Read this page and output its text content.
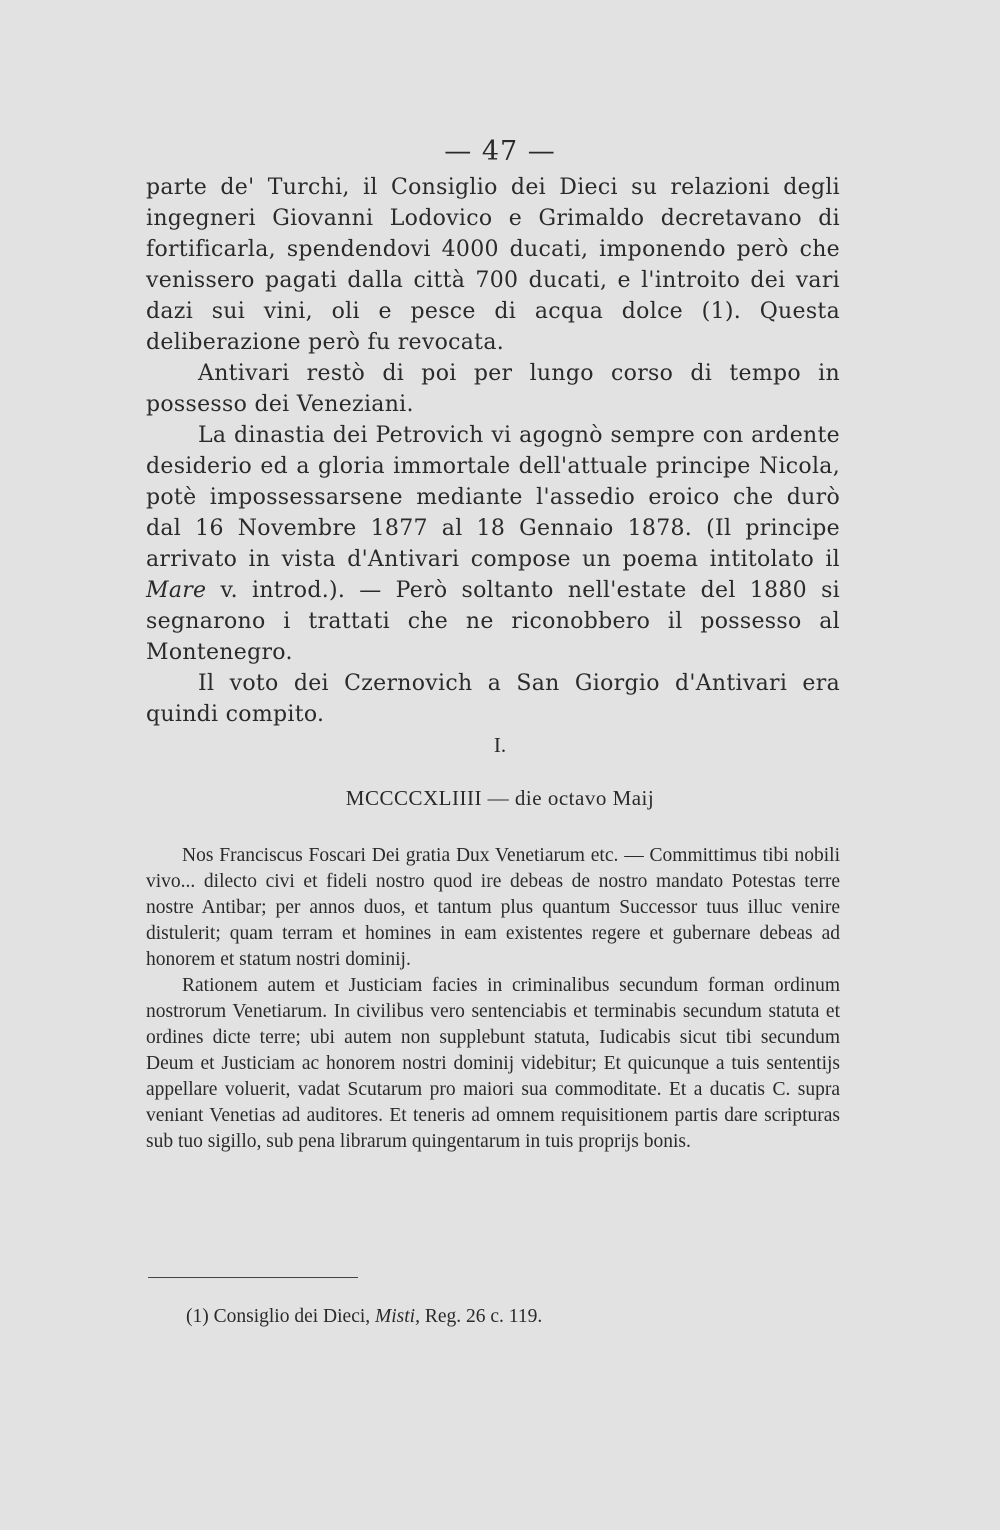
— 47 —

parte de' Turchi, il Consiglio dei Dieci su relazioni degli ingegneri Giovanni Lodovico e Grimaldo decretavano di fortificarla, spendendovi 4000 ducati, imponendo però che venissero pagati dalla città 700 ducati, e l'introito dei vari dazi sui vini, oli e pesce di acqua dolce (1). Questa deliberazione però fu revocata.

Antivari restò di poi per lungo corso di tempo in possesso dei Veneziani.

La dinastia dei Petrovich vi agognò sempre con ardente desiderio ed a gloria immortale dell'attuale principe Nicola, potè impossessarsene mediante l'assedio eroico che durò dal 16 Novembre 1877 al 18 Gennaio 1878. (Il principe arrivato in vista d'Antivari compose un poema intitolato il Mare v. introd.). — Però soltanto nell'estate del 1880 si segnarono i trattati che ne riconobbero il possesso al Montenegro.

Il voto dei Czernovich a San Giorgio d'Antivari era quindi compito.

I.
MCCCCXLIIII — die octavo Maij

Nos Franciscus Foscari Dei gratia Dux Venetiarum etc. — Committimus tibi nobili vivo... dilecto civi et fideli nostro quod ire debeas de nostro mandato Potestas terre nostre Antibar; per annos duos, et tantum plus quantum Successor tuus illuc venire distulerit; quam terram et homines in eam existentes regere et gubernare debeas ad honorem et statum nostri dominij.

Rationem autem et Justiciam facies in criminalibus secundum forman ordinum nostrorum Venetiarum. In civilibus vero sentenciabis et terminabis secundum statuta et ordines dicte terre; ubi autem non supplebunt statuta, Iudicabis sicut tibi secundum Deum et Justiciam ac honorem nostri dominij videbitur; Et quicunque a tuis sententijs appellare voluerit, vadat Scutarum pro maiori sua commoditate. Et a ducatis C. supra veniant Venetias ad auditores. Et teneris ad omnem requisitionem partis dare scripturas sub tuo sigillo, sub pena librarum quingentarum in tuis proprijs bonis.

(1) Consiglio dei Dieci, Misti, Reg. 26 c. 119.
